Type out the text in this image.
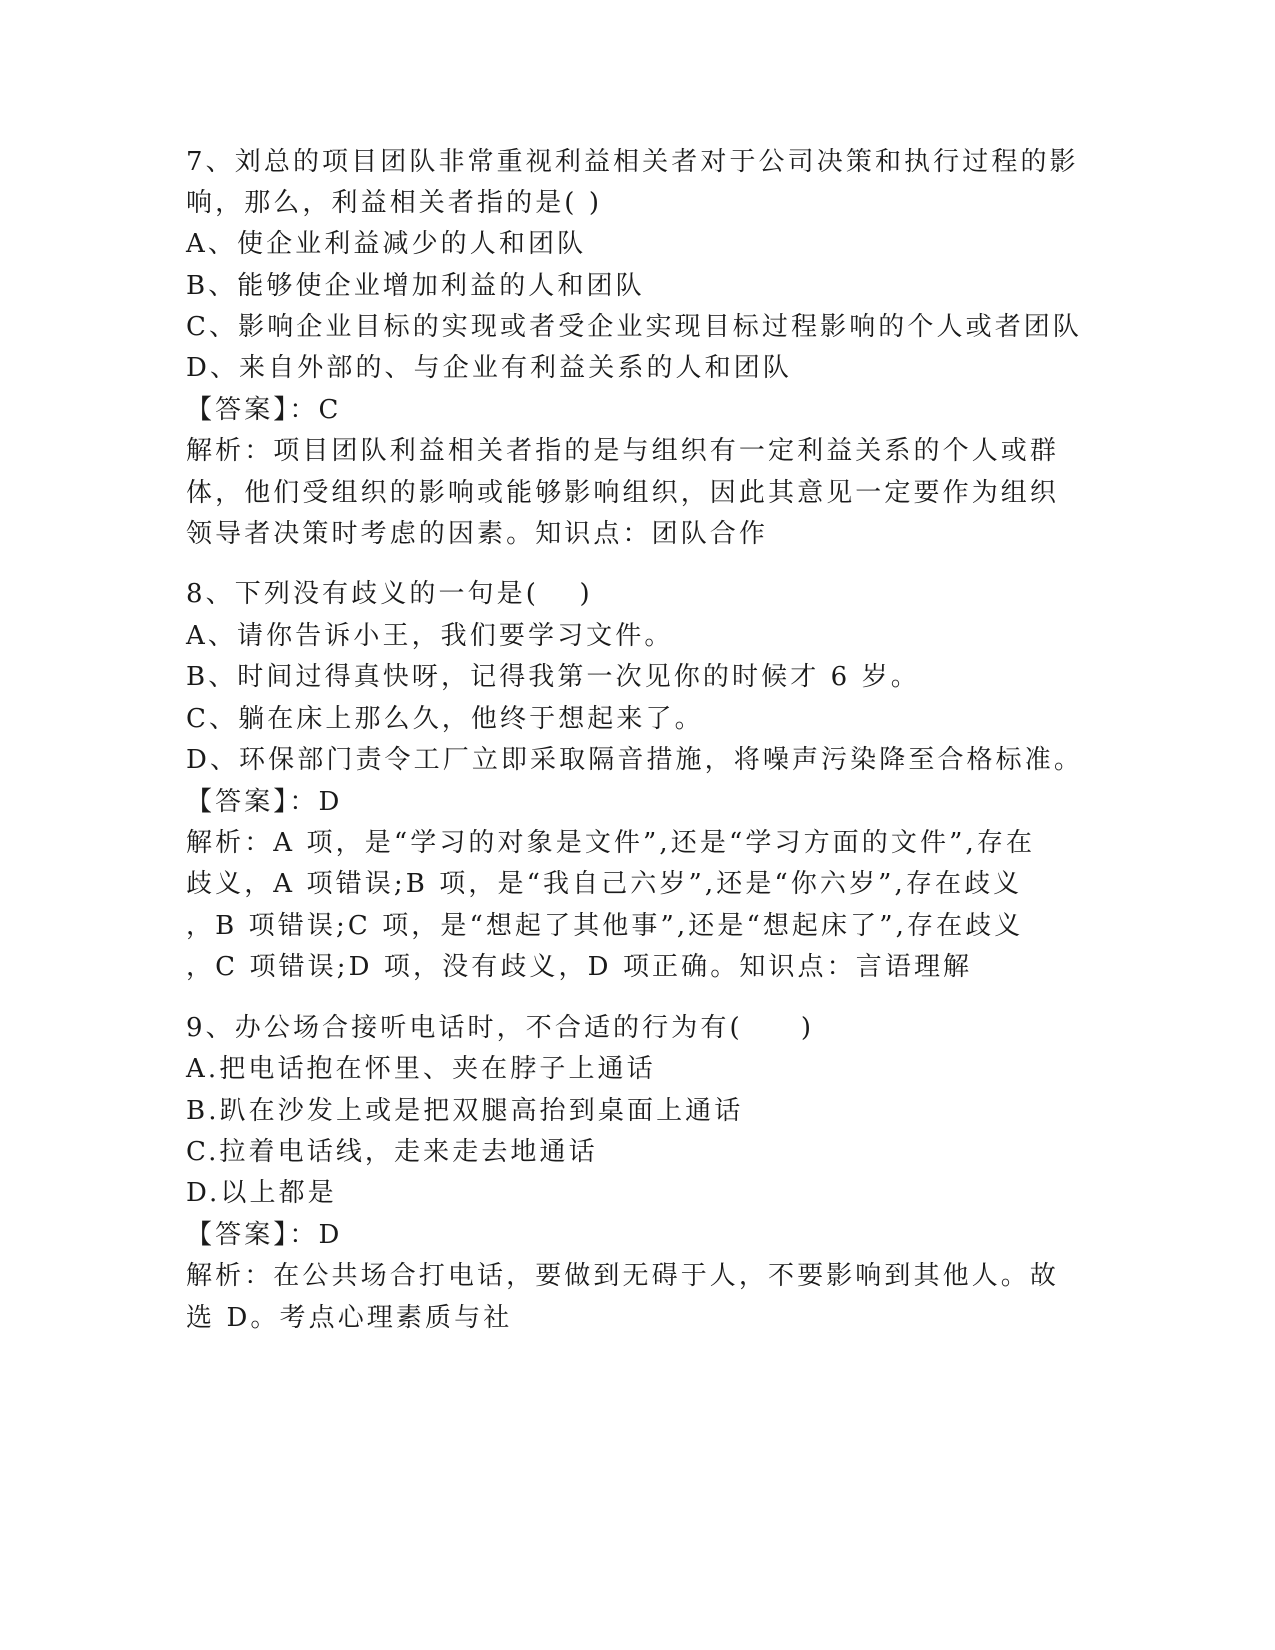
7、刘总的项目团队非常重视利益相关者对于公司决策和执行过程的影
响，那么，利益相关者指的是( )
A、使企业利益减少的人和团队
B、能够使企业增加利益的人和团队
C、影响企业目标的实现或者受企业实现目标过程影响的个人或者团队
D、来自外部的、与企业有利益关系的人和团队
【答案】：C
解析：项目团队利益相关者指的是与组织有一定利益关系的个人或群
体，他们受组织的影响或能够影响组织，因此其意见一定要作为组织
领导者决策时考虑的因素。知识点：团队合作
8、下列没有歧义的一句是(　 )
A、请你告诉小王，我们要学习文件。
B、时间过得真快呀，记得我第一次见你的时候才 6 岁。
C、躺在床上那么久，他终于想起来了。
D、环保部门责令工厂立即采取隔音措施，将噪声污染降至合格标准。
【答案】：D
解析：A 项，是“学习的对象是文件”,还是“学习方面的文件”,存在
歧义，A 项错误;B 项，是“我自己六岁”,还是“你六岁”,存在歧义
，B 项错误;C 项，是“想起了其他事”,还是“想起床了”,存在歧义
，C 项错误;D 项，没有歧义，D 项正确。知识点：言语理解
9、办公场合接听电话时，不合适的行为有(　　)
A.把电话抱在怀里、夹在脖子上通话
B.趴在沙发上或是把双腿高抬到桌面上通话
C.拉着电话线，走来走去地通话
D.以上都是
【答案】：D
解析：在公共场合打电话，要做到无碍于人，不要影响到其他人。故
选 D。考点心理素质与社
